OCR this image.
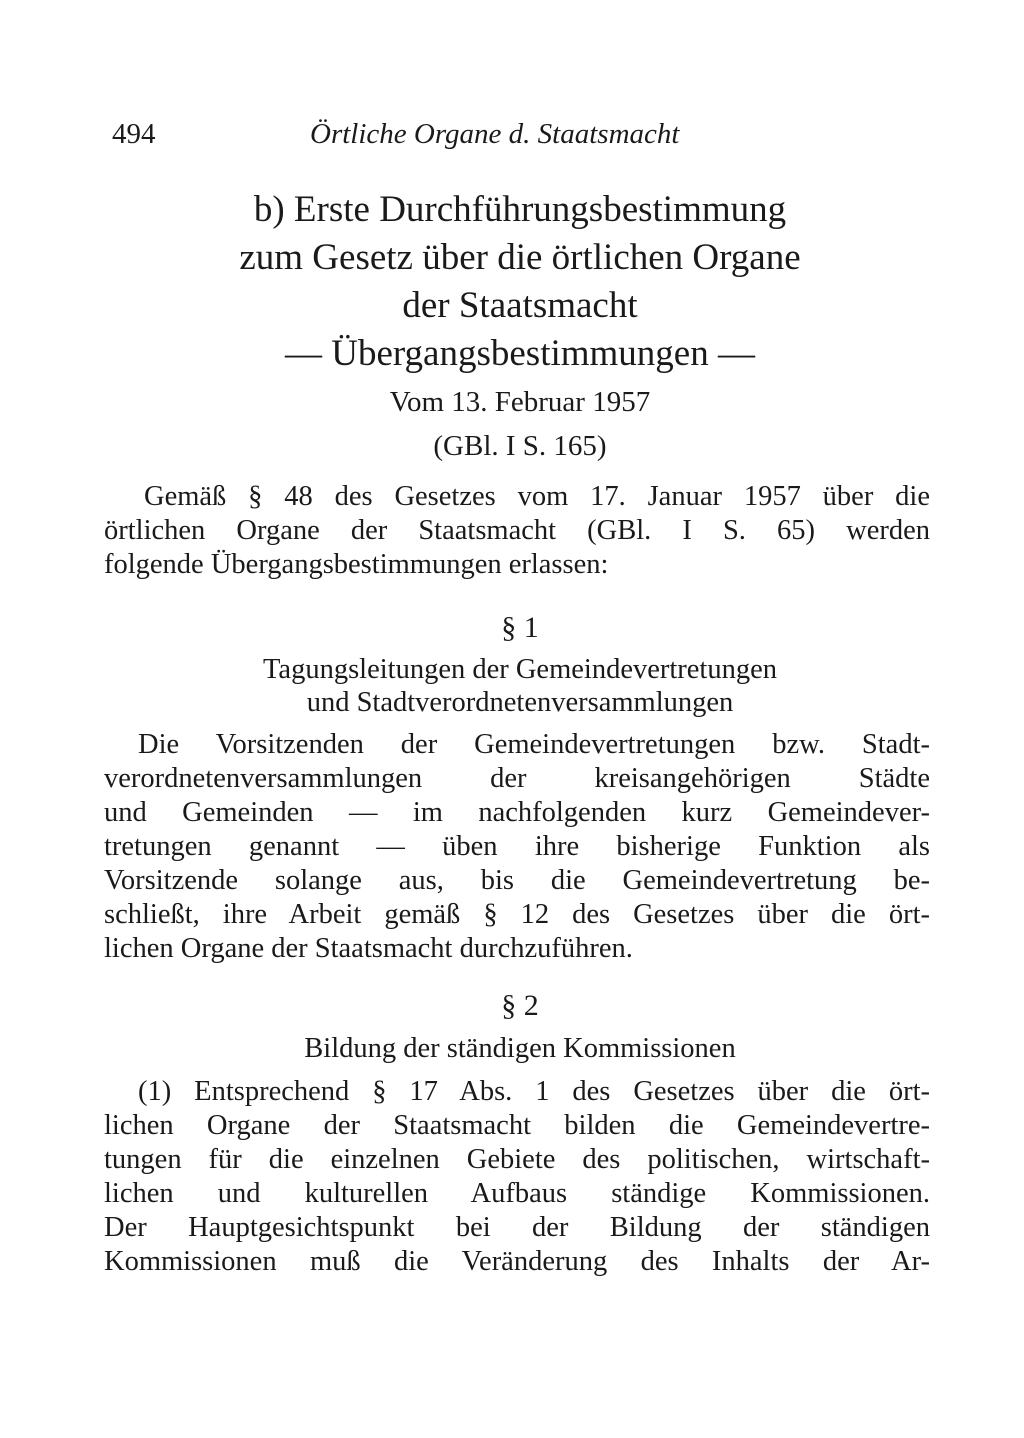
494	Örtliche Organe d. Staatsmacht
b) Erste Durchführungsbestimmung
zum Gesetz über die örtlichen Organe
der Staatsmacht
— Übergangsbestimmungen —
Vom 13. Februar 1957
(GBl. I S. 165)
Gemäß § 48 des Gesetzes vom 17. Januar 1957 über die
örtlichen Organe der Staatsmacht (GBl. I S. 65) werden
folgende Übergangsbestimmungen erlassen:
§ 1
Tagungsleitungen der Gemeindevertretungen
und Stadtverordnetenversammlungen
Die Vorsitzenden der Gemeindevertretungen bzw. Stadt-
verordnetenversammlungen der kreisangehörigen Städte
und Gemeinden — im nachfolgenden kurz Gemeindever-
tretungen genannt — üben ihre bisherige Funktion als
Vorsitzende solange aus, bis die Gemeindevertretung be-
schließt, ihre Arbeit gemäß § 12 des Gesetzes über die ört-
lichen Organe der Staatsmacht durchzuführen.
§ 2
Bildung der ständigen Kommissionen
(1) Entsprechend § 17 Abs. 1 des Gesetzes über die ört-
lichen Organe der Staatsmacht bilden die Gemeindevertre-
tungen für die einzelnen Gebiete des politischen, wirtschaft-
lichen und kulturellen Aufbaus ständige Kommissionen.
Der Hauptgesichtspunkt bei der Bildung der ständigen
Kommissionen muß die Veränderung des Inhalts der Ar-
